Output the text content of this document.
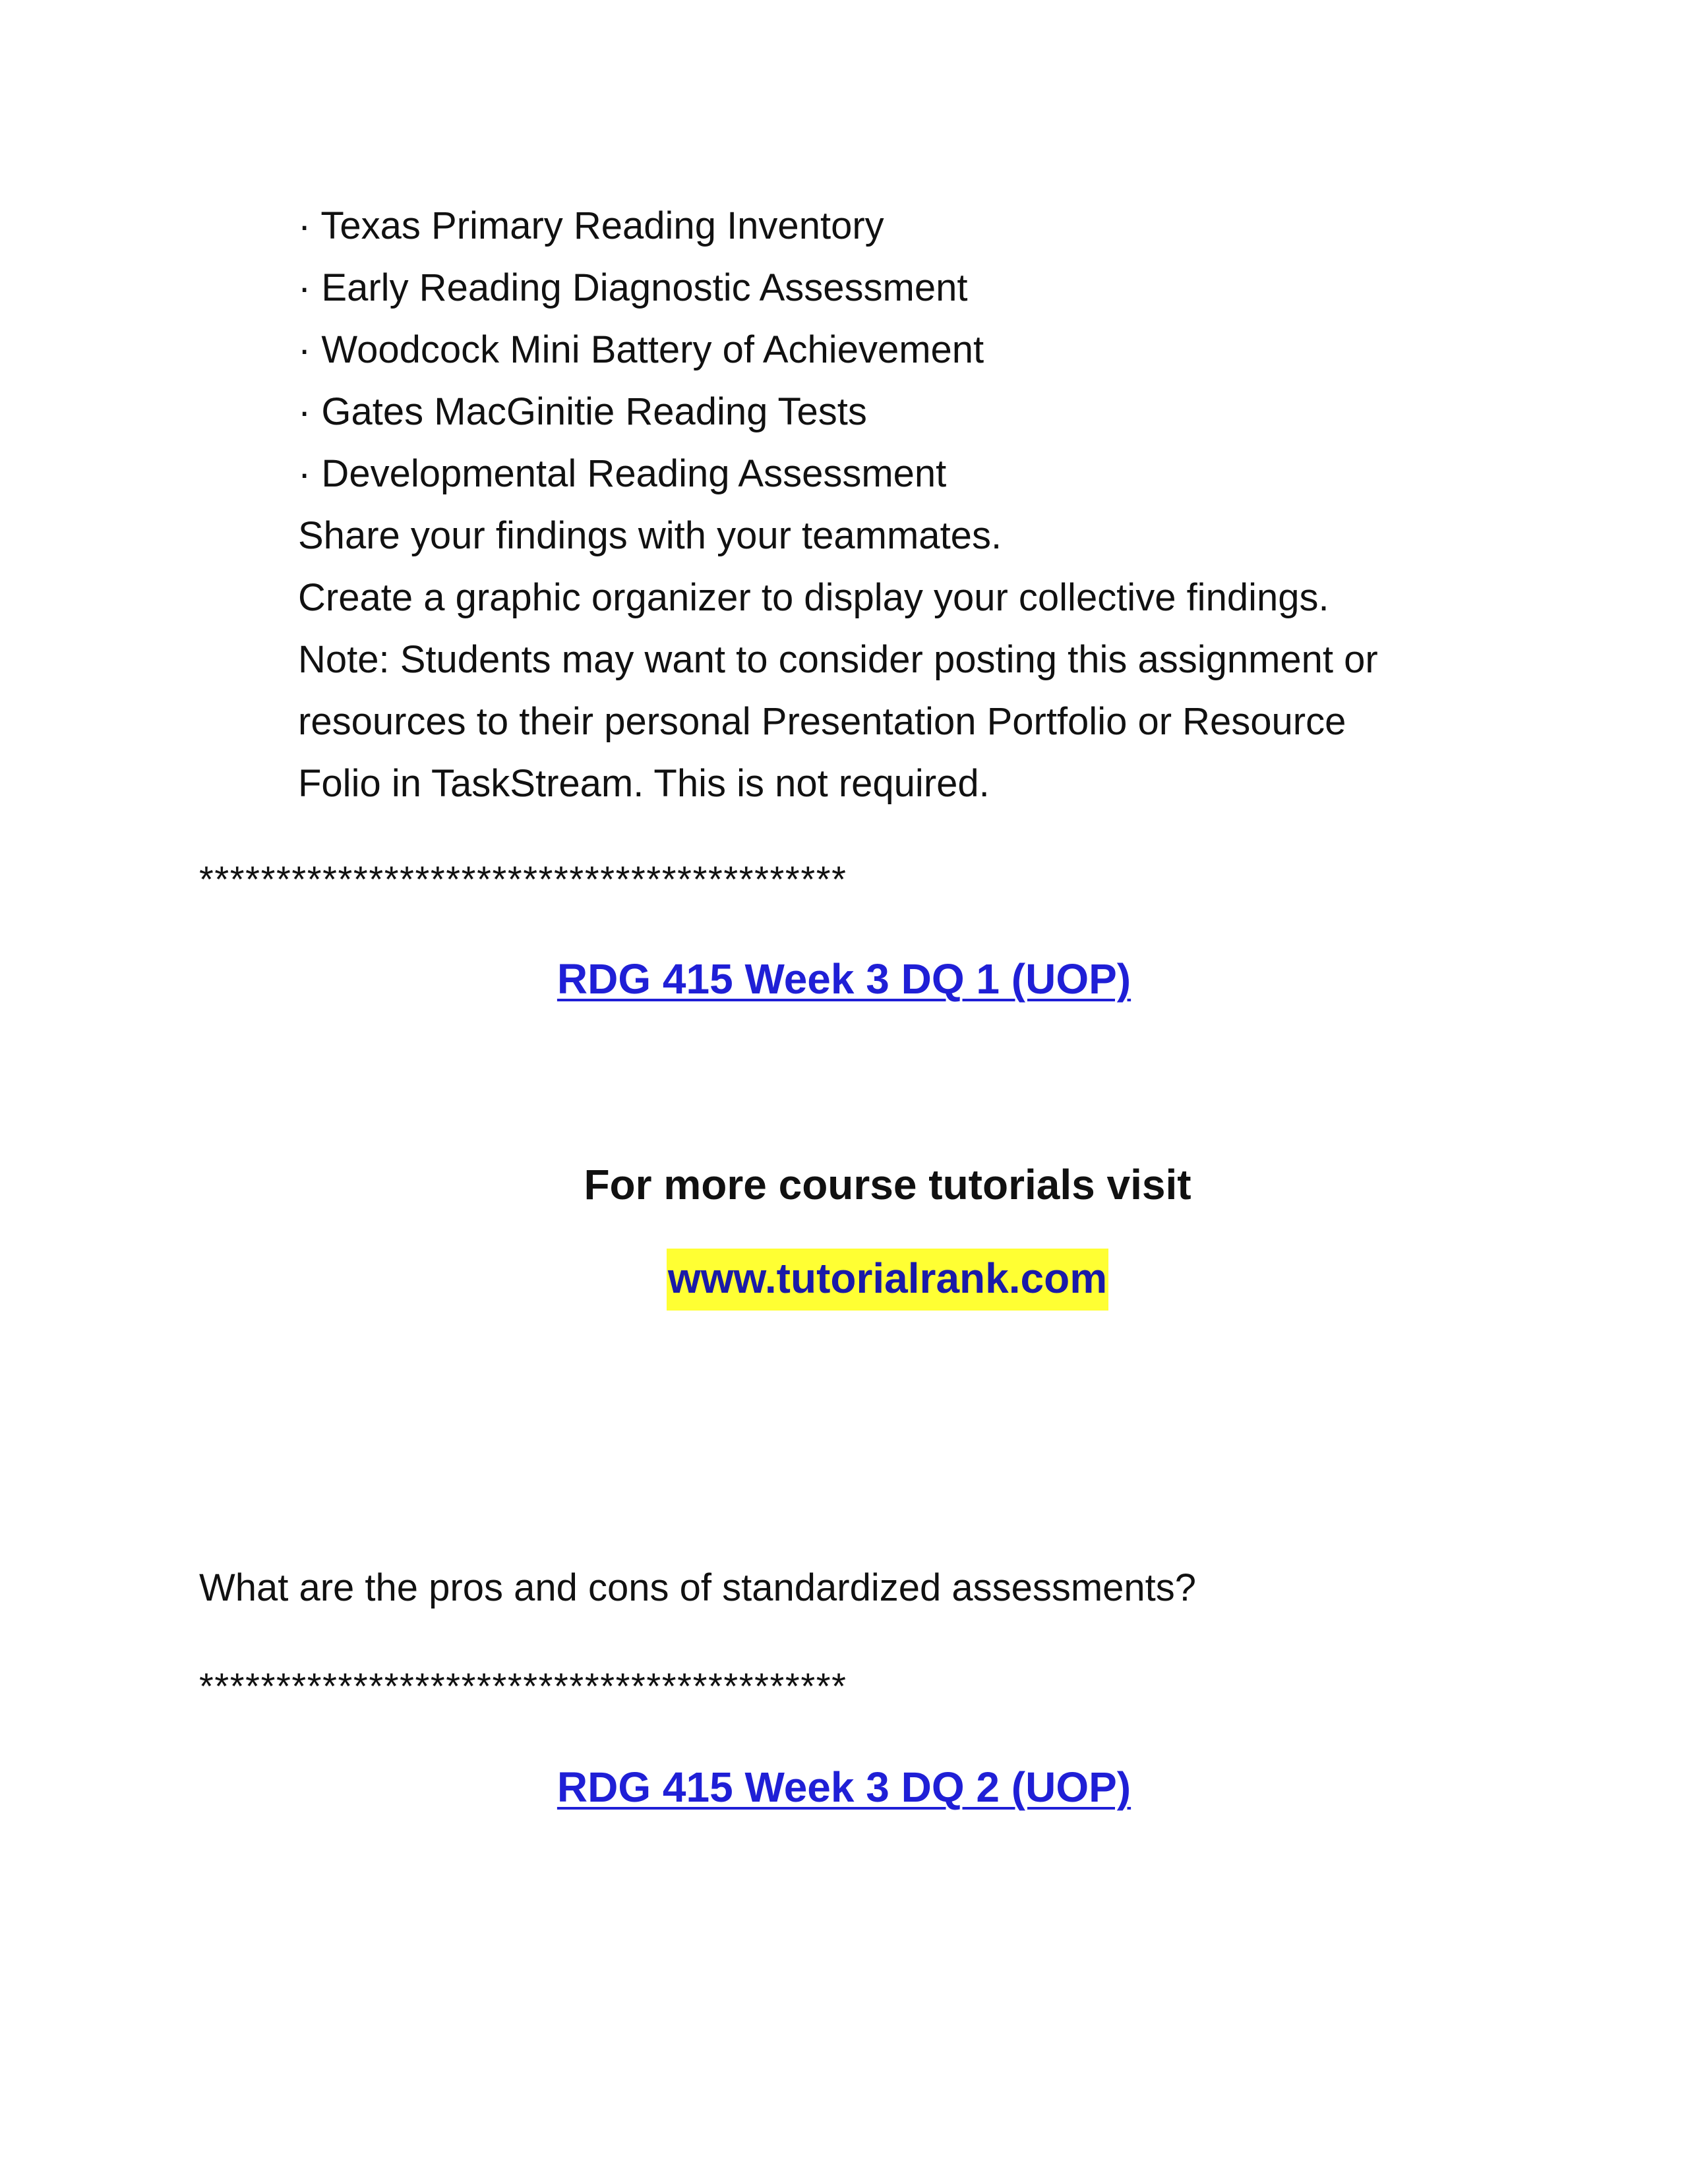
· Texas Primary Reading Inventory
· Early Reading Diagnostic Assessment
· Woodcock Mini Battery of Achievement
· Gates MacGinitie Reading Tests
· Developmental Reading Assessment
Share your findings with your teammates.
Create a graphic organizer to display your collective findings.
Note: Students may want to consider posting this assignment or
resources to their personal Presentation Portfolio or Resource
Folio in TaskStream. This is not required.
******************************************
RDG 415 Week 3 DQ 1 (UOP)
For more course tutorials visit
www.tutorialrank.com
What are the pros and cons of standardized assessments?
******************************************
RDG 415 Week 3 DQ 2 (UOP)
